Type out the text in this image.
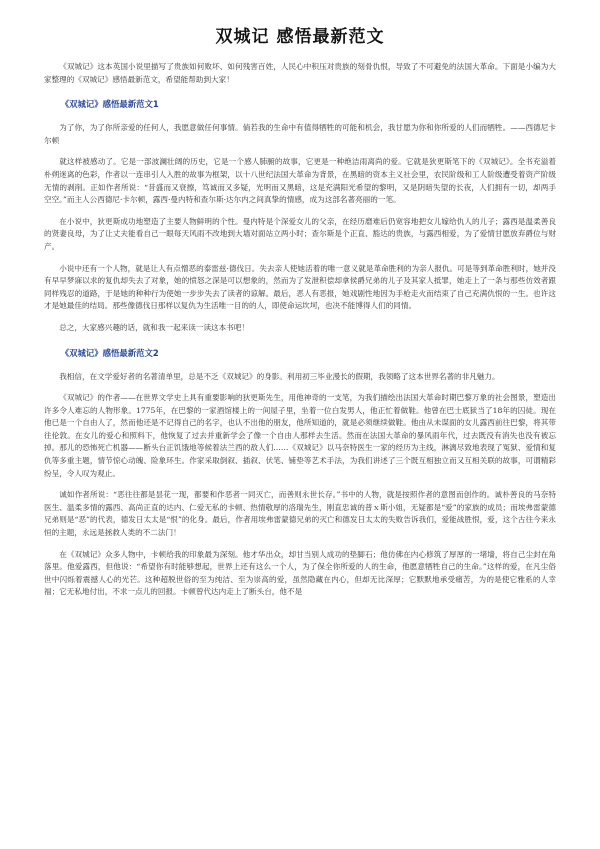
双城记 感悟最新范文

《双城记》这本英国小说里描写了贵族如何败坏、如何残害百姓，人民心中积压对贵族的刻骨仇恨，导致了不可避免的法国大革命。下面是小编为大家整理的《双城记》感悟最新范文，希望能帮助到大家！

《双城记》感悟最新范文1

为了你，为了你所亲爱的任何人，我愿意做任何事情。倘若我的生命中有值得牺牲的可能和机会，我甘愿为你和你所爱的人们而牺牲。——西德尼卡尔顿

就这样被感动了。它是一部波澜壮阔的历史，它是一个感人肺腑的故事，它更是一种绝洁雨离尚的爱。它就是狄更斯笔下的《双城记》。全书充溢着朴朔迷离的色彩，作者以一连串引人入胜的故事为框架，以十八世纪法国大革命为背景，在黑暗的资本主义社会里，农民阶级和工人阶级遭受着资产阶级无情的剥削。正如作者所说：“昔盛而又衰擦，笃诚而又多疑，光明而又黑暗，这是充满阳光希望的黎明，又是阴暗失望的长夜，人们拥有一切，却两手空空。”而主人公西德尼·卡尔顿，露西·曼内特和查尔斯·达尔内之间真挚的情感，成为这部名著亮丽的一笔。

在小说中，狄更斯成功地塑造了主要人物鲜明的个性。曼内特是个深爱女儿的父亲，在经历磨难后仍宽容地把女儿嫁给仇人的儿子；露西是温柔善良的贤妻良母，为了让丈夫能看自己一眼每天风雨不改地到大墙对面站立两小时；查尔斯是个正直、豁达的贵族，与露西相爱，为了爱情甘愿放弃爵位与财产。

小说中还有一个人物，就是让人有点憎恶的泰雷兹·德伐日。失去亲人使她活着的唯一意义就是革命胜利的为亲人报仇。可是等到革命胜利时，她并没有早早梦寐以求的复仇却失去了对象，她的愤怒之深是可以想象的，然而为了发泄积偿却拿侯爵兄弟的儿子及其家人抵罪，她走上了一条与那些仿效者跟同样残忍的道路，于是她的种种行为使她一步步失去了读者的谅解。最后，恶人有恶报，她戏剧性地因为手枪走火而结束了自己充满仇恨的一生。也许这才是她最佳的结局。那些像德伐日那样以复仇为生活唯一目的的人，即使命运坎坷，也决不能博得人们的同情。

总之，大家感兴趣的话，就和我一起来读一读这本书吧！

《双城记》感悟最新范文2

我相信，在文学爱好者的名著清单里，总是不乏《双城记》的身影。利用初三毕业漫长的假期，我领略了这本世界名著的非凡魅力。

《双城记》的作者——在世界文学史上具有重要影响的狄更斯先生，用他神奇的一支笔，为我们描绘出法国大革命时期巴黎万象的社会图景，塑造出许多令人难忘的人物形象。1775年，在巴黎的一家酒馆楼上的一间屋子里，坐着一位白发男人，他正忙着做鞋。他曾在巴士底狱当了18年的囚徒。现在他已是一个自由人了，然而他还是不记得自己的名字，也认不出他的朋友，他所知道的，就是必须继续做鞋。他由从未谋面的女儿露西前往巴黎，将其带往伦敦。在女儿的爱心和照料下，他恢复了过去并重新学会了像一个自由人那样去生活。然而在法国大革命的暴风雨年代，过去既没有消失也没有被忘掉。那儿的恐怖死亡机器——断头台正饥饿地等候着法兰西的敌人们……《双城记》以马奈特医生一家的经历为主线，淋漓尽致地表现了冤狱、爱情和复仇等多重主题，情节惊心动魄、险象环生。作家采取倒叙、插叙、伏笔、铺垫等艺术手法，为我们讲述了三个既互相独立而又互相关联的故事，可谓精彩纷呈，令人叹为观止。

诚如作者所说：“恶往往都是昙花一现，都要和作恶者一同灭亡，而善则永世长存。”书中的人物，就是按照作者的意图而创作的。诚朴善良的马奈特医生、温柔多情的露西、高尚正直的达内、仁爱无私的卡顿、热情敬厚的洛瑞先生，刚直忠诚的普ｘ斯小姐，无疑都是“爱”的家族的成员；而埃弗雷蒙德兄弟则是“恶”的代表，德发日太太是“恨”的化身。最后，作者用埃弗雷蒙德兄弟的灭亡和德发日太太的失败告诉我们，爱能战胜恨，爱，这个古往今来永恒的主题，永远是拯救人类的不二法门！

在《双城记》众多人物中，卡顿给我的印象最为深刻。他才华出众，却甘当别人成功的垫脚石；他仿佛在内心修筑了厚厚的一堵墙，将自己尘封在角落里。他爱露西，但他说：“希望你有时能够想起，世界上还有这么一个人，为了保全你所爱的人的生命，他愿意牺牲自己的生命。”这样的爱，在凡尘俗世中闪烁着震撼人心的光芒。这种超脱世俗的至为纯洁、至为崇高的爱，虽然隐藏在内心，但却无比深厚；它默默地承受痛苦，为的是使它雅系的人幸福；它无私地付出，不求一点儿的回报。卡顿曾代达内走上了断头台，他不是
